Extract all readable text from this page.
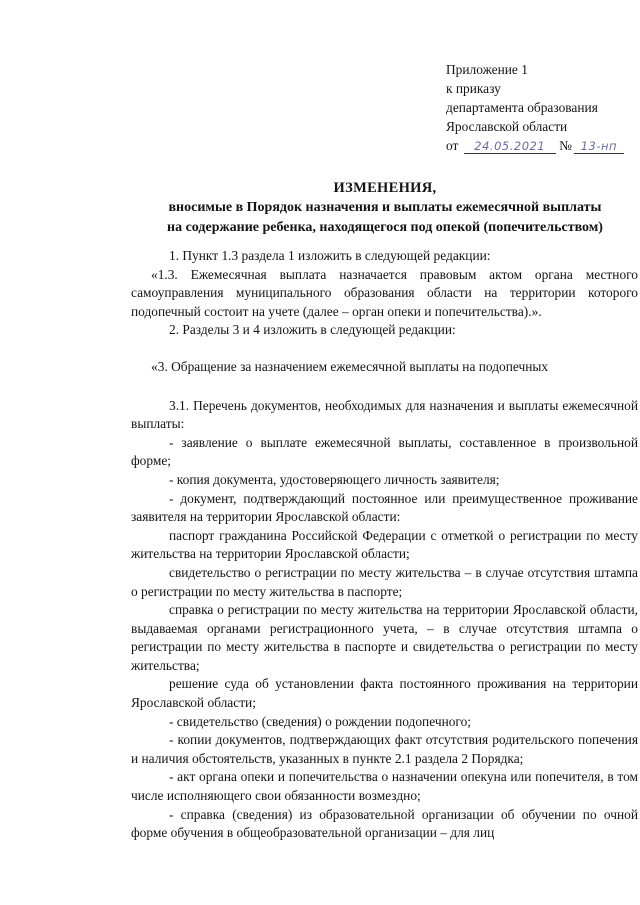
Приложение 1
к приказу
департамента образования
Ярославской области
от 24.05.2021 № 13-нп
ИЗМЕНЕНИЯ,
вносимые в Порядок назначения и выплаты ежемесячной выплаты
на содержание ребенка, находящегося под опекой (попечительством)

1. Пункт 1.3 раздела 1 изложить в следующей редакции:

«1.3. Ежемесячная выплата назначается правовым актом органа местного самоуправления муниципального образования области на территории которого подопечный состоит на учете (далее – орган опеки и попечительства).».

2. Разделы 3 и 4 изложить в следующей редакции:

«3. Обращение за назначением ежемесячной выплаты на подопечных

3.1. Перечень документов, необходимых для назначения и выплаты ежемесячной выплаты:

- заявление о выплате ежемесячной выплаты, составленное в произвольной форме;

- копия документа, удостоверяющего личность заявителя;

- документ, подтверждающий постоянное или преимущественное проживание заявителя на территории Ярославской области:

паспорт гражданина Российской Федерации с отметкой о регистрации по месту жительства на территории Ярославской области;

свидетельство о регистрации по месту жительства – в случае отсутствия штампа о регистрации по месту жительства в паспорте;

справка о регистрации по месту жительства на территории Ярославской области, выдаваемая органами регистрационного учета, – в случае отсутствия штампа о регистрации по месту жительства в паспорте и свидетельства о регистрации по месту жительства;

решение суда об установлении факта постоянного проживания на территории Ярославской области;

- свидетельство (сведения) о рождении подопечного;

- копии документов, подтверждающих факт отсутствия родительского попечения и наличия обстоятельств, указанных в пункте 2.1 раздела 2 Порядка;

- акт органа опеки и попечительства о назначении опекуна или попечителя, в том числе исполняющего свои обязанности возмездно;

- справка (сведения) из образовательной организации об обучении по очной форме обучения в общеобразовательной организации – для лиц
